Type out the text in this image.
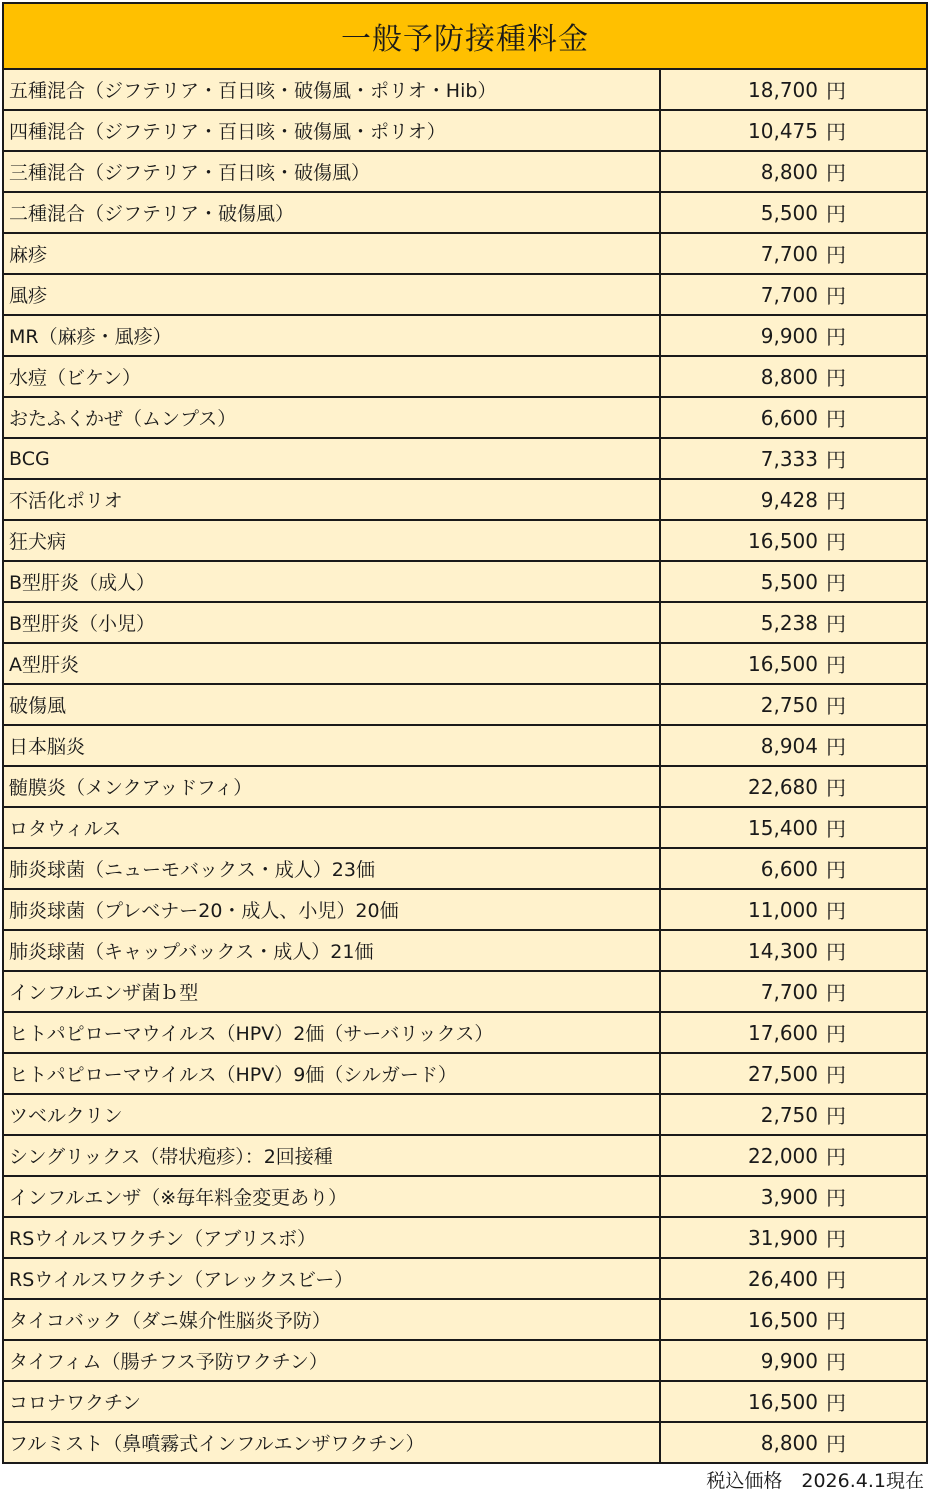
一般予防接種料金
五種混合（ジフテリア・百日咳・破傷風・ポリオ・Hib）	18,700 円
四種混合（ジフテリア・百日咳・破傷風・ポリオ）	10,475 円
三種混合（ジフテリア・百日咳・破傷風）	8,800 円
二種混合（ジフテリア・破傷風）	5,500 円
麻疹	7,700 円
風疹	7,700 円
MR（麻疹・風疹）	9,900 円
水痘（ビケン）	8,800 円
おたふくかぜ（ムンプス）	6,600 円
BCG	7,333 円
不活化ポリオ	9,428 円
狂犬病	16,500 円
B型肝炎（成人）	5,500 円
B型肝炎（小児）	5,238 円
A型肝炎	16,500 円
破傷風	2,750 円
日本脳炎	8,904 円
髄膜炎（メンクアッドフィ）	22,680 円
ロタウィルス	15,400 円
肺炎球菌（ニューモバックス・成人）23価	6,600 円
肺炎球菌（プレベナー20・成人、小児）20価	11,000 円
肺炎球菌（キャップバックス・成人）21価	14,300 円
インフルエンザ菌ｂ型	7,700 円
ヒトパピローマウイルス（HPV）2価（サーバリックス）	17,600 円
ヒトパピローマウイルス（HPV）9価（シルガード）	27,500 円
ツベルクリン	2,750 円
シングリックス（帯状疱疹）：2回接種	22,000 円
インフルエンザ（※毎年料金変更あり）	3,900 円
RSウイルスワクチン（アブリスボ）	31,900 円
RSウイルスワクチン（アレックスビー）	26,400 円
タイコバック（ダニ媒介性脳炎予防）	16,500 円
タイフィム（腸チフス予防ワクチン）	9,900 円
コロナワクチン	16,500 円
フルミスト（鼻噴霧式インフルエンザワクチン）	8,800 円
税込価格　2026.4.1現在
